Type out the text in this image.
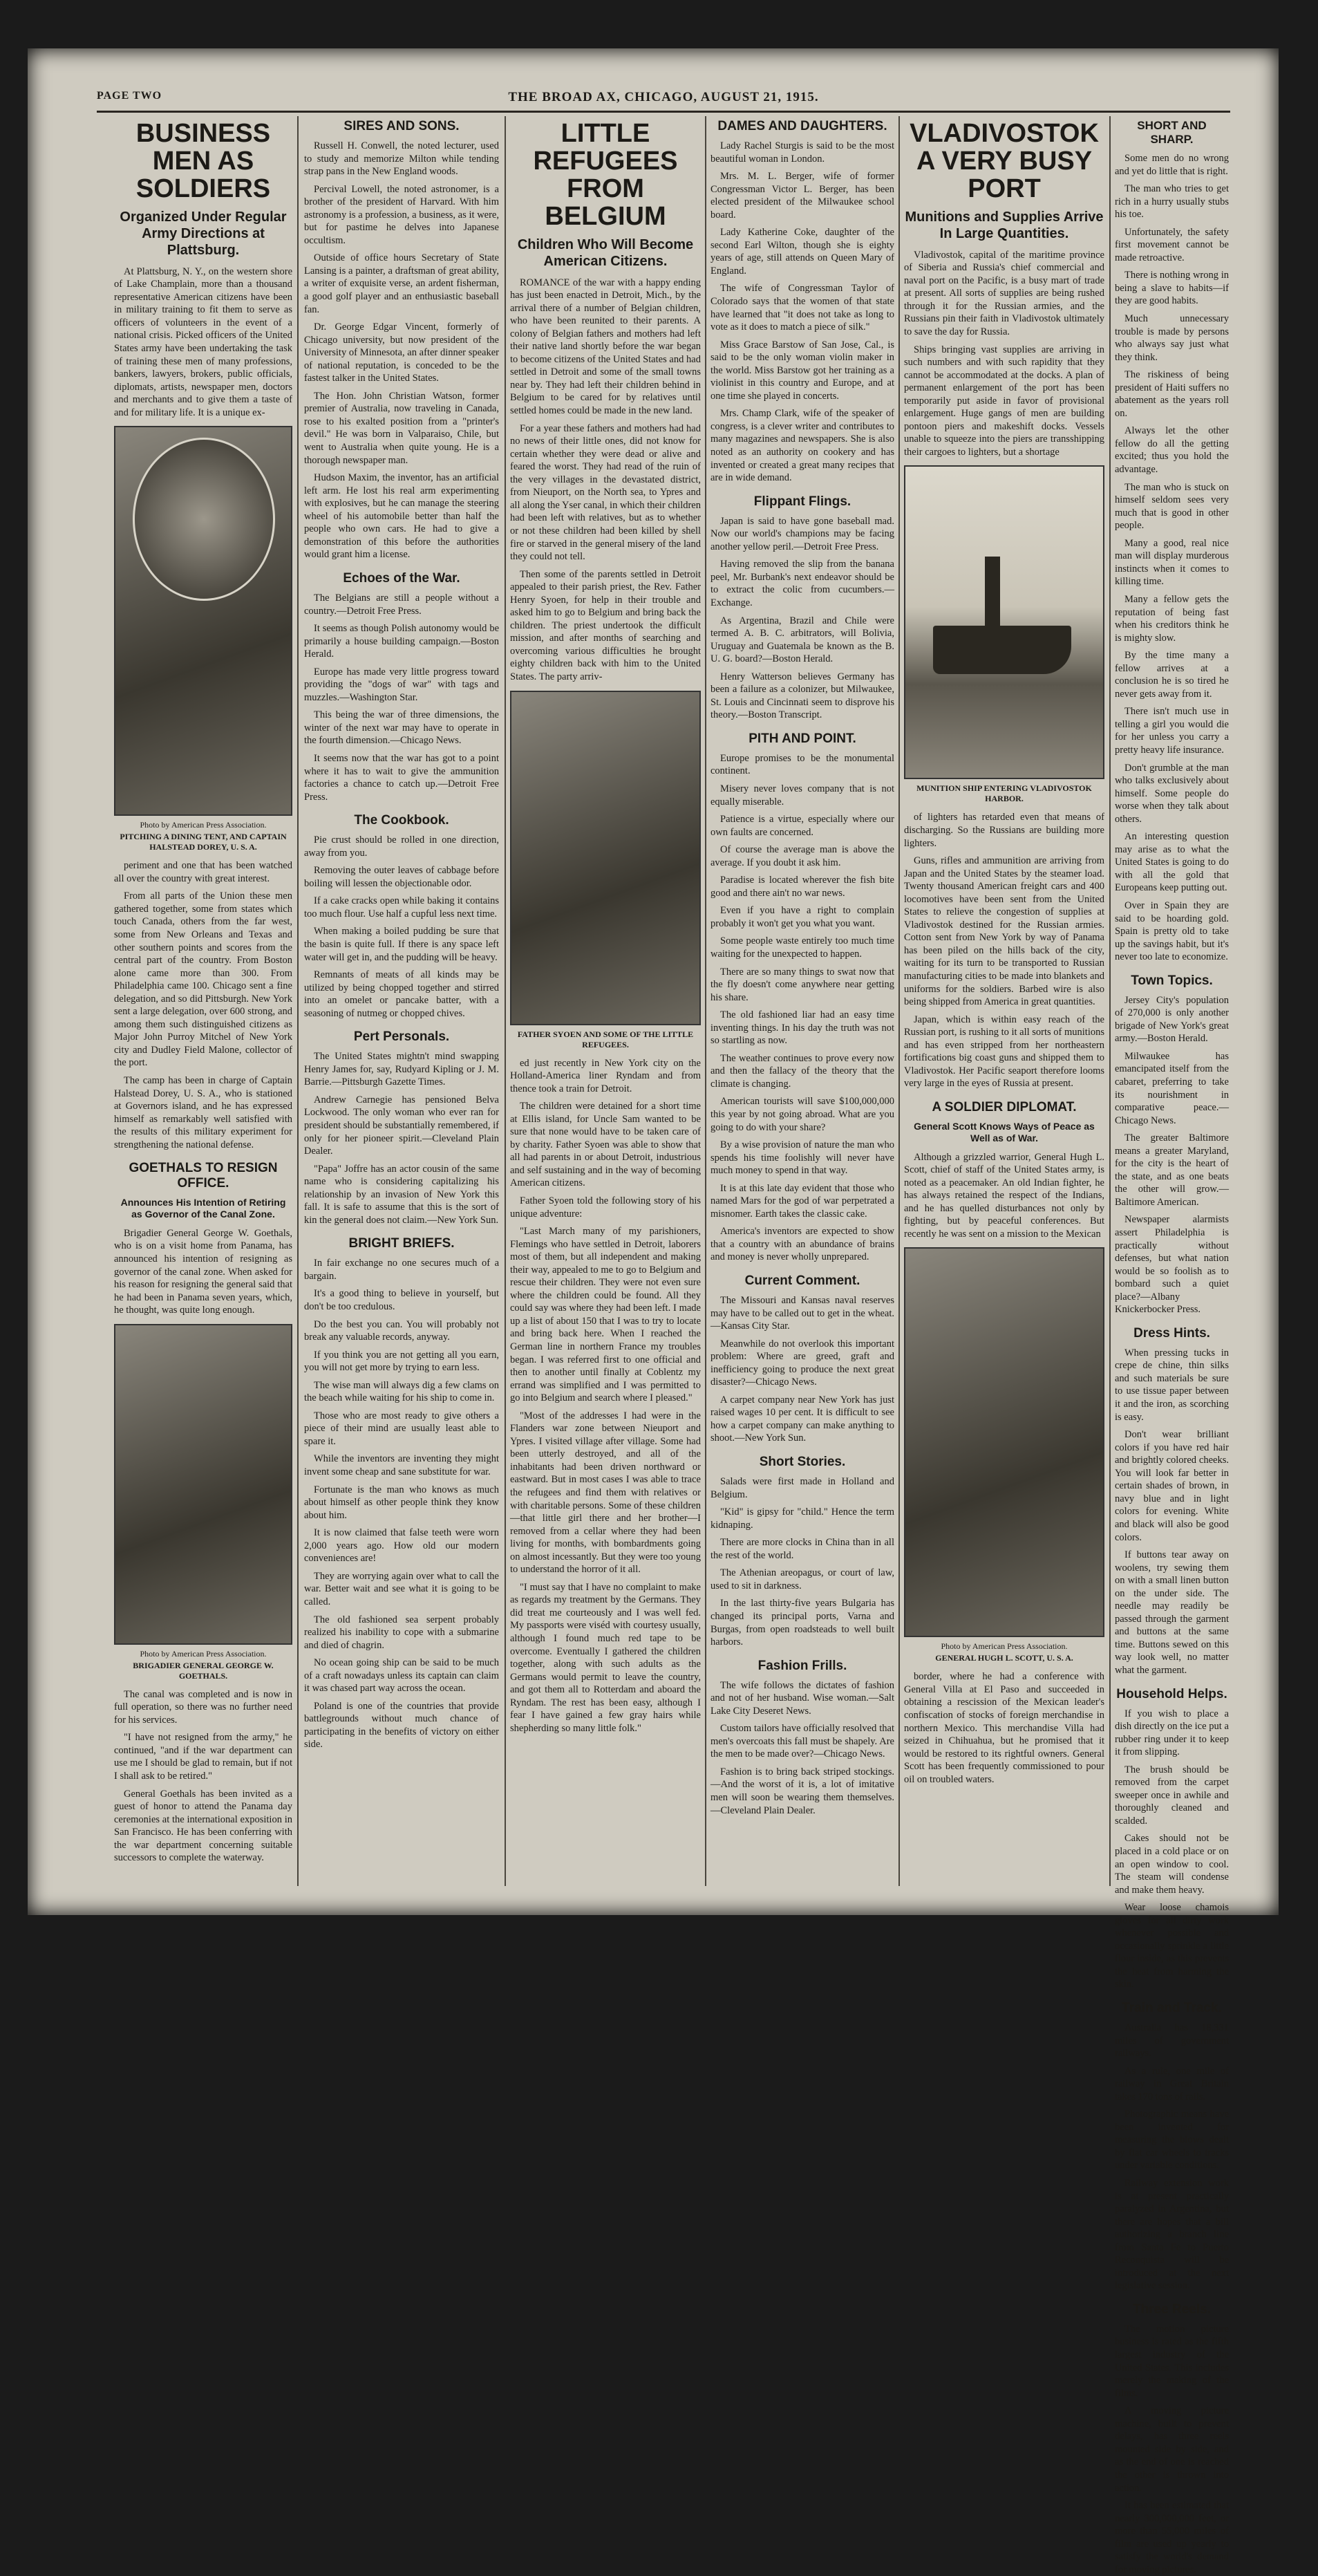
PAGE TWO	THE BROAD AX, CHICAGO, AUGUST 21, 1915.
BUSINESS MEN AS SOLDIERS
Organized Under Regular Army Directions at Plattsburg.

At Plattsburg, N. Y., on the western shore of Lake Champlain, more than a thousand representative American citizens have been in military training to fit them to serve as officers of volunteers in the event of a national crisis. Picked officers of the United States army have been undertaking the task of training these men of many professions, bankers, lawyers, brokers, public officials, diplomats, artists, newspaper men, doctors and merchants and to give them a taste of and for military life. It is a unique ex-

Photo by American Press Association.
PITCHING A DINING TENT, AND CAPTAIN HALSTEAD DOREY, U. S. A.

periment and one that has been watched all over the country with great interest.

From all parts of the Union these men gathered together, some from states which touch Canada, others from the far west, some from New Orleans and Texas and other southern points and scores from the central part of the country. From Boston alone came more than 300. From Philadelphia came 100. Chicago sent a fine delegation, and so did Pittsburgh. New York sent a large delegation, over 600 strong, and among them such distinguished citizens as Major John Purroy Mitchel of New York city and Dudley Field Malone, collector of the port.

The camp has been in charge of Captain Halstead Dorey, U. S. A., who is stationed at Governors island, and he has expressed himself as remarkably well satisfied with the results of this military experiment for strengthening the national defense.

GOETHALS TO RESIGN OFFICE.
Announces His Intention of Retiring as Governor of the Canal Zone.

Brigadier General George W. Goethals, who is on a visit home from Panama, has announced his intention of resigning as governor of the canal zone. When asked for his reason for resigning the general said that he had been in Panama seven years, which, he thought, was quite long enough.

Photo by American Press Association.
BRIGADIER GENERAL GEORGE W. GOETHALS.

The canal was completed and is now in full operation, so there was no further need for his services.

"I have not resigned from the army," he continued, "and if the war department can use me I should be glad to remain, but if not I shall ask to be retired."

General Goethals has been invited as a guest of honor to attend the Panama day ceremonies at the international exposition in San Francisco. He has been conferring with the war department concerning suitable successors to complete the waterway.

SIRES AND SONS.

Russell H. Conwell, the noted lecturer, used to study and memorize Milton while tending strap pans in the New England woods.

Percival Lowell, the noted astronomer, is a brother of the president of Harvard. With him astronomy is a profession, a business, as it were, but for pastime he delves into Japanese occultism.

Outside of office hours Secretary of State Lansing is a painter, a draftsman of great ability, a writer of exquisite verse, an ardent fisherman, a good golf player and an enthusiastic baseball fan.

Dr. George Edgar Vincent, formerly of Chicago university, but now president of the University of Minnesota, an after dinner speaker of national reputation, is conceded to be the fastest talker in the United States.

The Hon. John Christian Watson, former premier of Australia, now traveling in Canada, rose to his exalted position from a "printer's devil." He was born in Valparaiso, Chile, but went to Australia when quite young. He is a thorough newspaper man.

Hudson Maxim, the inventor, has an artificial left arm. He lost his real arm experimenting with explosives, but he can manage the steering wheel of his automobile better than half the people who own cars. He had to give a demonstration of this before the authorities would grant him a license.

Echoes of the War.

The Belgians are still a people without a country.—Detroit Free Press.

It seems as though Polish autonomy would be primarily a house building campaign.—Boston Herald.

Europe has made very little progress toward providing the "dogs of war" with tags and muzzles.—Washington Star.

This being the war of three dimensions, the winter of the next war may have to operate in the fourth dimension.—Chicago News.

It seems now that the war has got to a point where it has to wait to give the ammunition factories a chance to catch up.—Detroit Free Press.

The Cookbook.

Pie crust should be rolled in one direction, away from you.

Removing the outer leaves of cabbage before boiling will lessen the objectionable odor.

If a cake cracks open while baking it contains too much flour. Use half a cupful less next time.

When making a boiled pudding be sure that the basin is quite full. If there is any space left water will get in, and the pudding will be heavy.

Remnants of meats of all kinds may be utilized by being chopped together and stirred into an omelet or pancake batter, with a seasoning of nutmeg or chopped chives.

Pert Personals.

The United States mightn't mind swapping Henry James for, say, Rudyard Kipling or J. M. Barrie.—Pittsburgh Gazette Times.

Andrew Carnegie has pensioned Belva Lockwood. The only woman who ever ran for president should be substantially remembered, if only for her pioneer spirit.—Cleveland Plain Dealer.

"Papa" Joffre has an actor cousin of the same name who is considering capitalizing his relationship by an invasion of New York this fall. It is safe to assume that this is the sort of kin the general does not claim.—New York Sun.

BRIGHT BRIEFS.

In fair exchange no one secures much of a bargain.

It's a good thing to believe in yourself, but don't be too credulous.

Do the best you can. You will probably not break any valuable records, anyway.

If you think you are not getting all you earn, you will not get more by trying to earn less.

The wise man will always dig a few clams on the beach while waiting for his ship to come in.

Those who are most ready to give others a piece of their mind are usually least able to spare it.

While the inventors are inventing they might invent some cheap and sane substitute for war.

Fortunate is the man who knows as much about himself as other people think they know about him.

It is now claimed that false teeth were worn 2,000 years ago. How old our modern conveniences are!

They are worrying again over what to call the war. Better wait and see what it is going to be called.

The old fashioned sea serpent probably realized his inability to cope with a submarine and died of chagrin.

No ocean going ship can be said to be much of a craft nowadays unless its captain can claim it was chased part way across the ocean.

Poland is one of the countries that provide battlegrounds without much chance of participating in the benefits of victory on either side.

LITTLE REFUGEES FROM BELGIUM
Children Who Will Become American Citizens.

ROMANCE of the war with a happy ending has just been enacted in Detroit, Mich., by the arrival there of a number of Belgian children, who have been reunited to their parents. A colony of Belgian fathers and mothers had left their native land shortly before the war began to become citizens of the United States and had settled in Detroit and some of the small towns near by. They had left their children behind in Belgium to be cared for by relatives until settled homes could be made in the new land.

For a year these fathers and mothers had had no news of their little ones, did not know for certain whether they were dead or alive and feared the worst. They had read of the ruin of the very villages in the devastated district, from Nieuport, on the North sea, to Ypres and all along the Yser canal, in which their children had been left with relatives, but as to whether or not these children had been killed by shell fire or starved in the general misery of the land they could not tell.

Then some of the parents settled in Detroit appealed to their parish priest, the Rev. Father Henry Syoen, for help in their trouble and asked him to go to Belgium and bring back the children. The priest undertook the difficult mission, and after months of searching and overcoming various difficulties he brought eighty children back with him to the United States. The party arriv-

FATHER SYOEN AND SOME OF THE LITTLE REFUGEES.

ed just recently in New York city on the Holland-America liner Ryndam and from thence took a train for Detroit.

The children were detained for a short time at Ellis island, for Uncle Sam wanted to be sure that none would have to be taken care of by charity. Father Syoen was able to show that all had parents in or about Detroit, industrious and self sustaining and in the way of becoming American citizens.

Father Syoen told the following story of his unique adventure:

"Last March many of my parishioners, Flemings who have settled in Detroit, laborers most of them, but all independent and making their way, appealed to me to go to Belgium and rescue their children. They were not even sure where the children could be found. All they could say was where they had been left. I made up a list of about 150 that I was to try to locate and bring back here. When I reached the German line in northern France my troubles began. I was referred first to one official and then to another until finally at Coblentz my errand was simplified and I was permitted to go into Belgium and search where I pleased."

"Most of the addresses I had were in the Flanders war zone between Nieuport and Ypres. I visited village after village. Some had been utterly destroyed, and all of the inhabitants had been driven northward or eastward. But in most cases I was able to trace the refugees and find them with relatives or with charitable persons. Some of these children—that little girl there and her brother—I removed from a cellar where they had been living for months, with bombardments going on almost incessantly. But they were too young to understand the horror of it all.

"I must say that I have no complaint to make as regards my treatment by the Germans. They did treat me courteously and I was well fed. My passports were viséd with courtesy usually, although I found much red tape to be overcome. Eventually I gathered the children together, along with such adults as the Germans would permit to leave the country, and got them all to Rotterdam and aboard the Ryndam. The rest has been easy, although I fear I have gained a few gray hairs while shepherding so many little folk."

DAMES AND DAUGHTERS.

Lady Rachel Sturgis is said to be the most beautiful woman in London.

Mrs. M. L. Berger, wife of former Congressman Victor L. Berger, has been elected president of the Milwaukee school board.

Lady Katherine Coke, daughter of the second Earl Wilton, though she is eighty years of age, still attends on Queen Mary of England.

The wife of Congressman Taylor of Colorado says that the women of that state have learned that "it does not take as long to vote as it does to match a piece of silk."

Miss Grace Barstow of San Jose, Cal., is said to be the only woman violin maker in the world. Miss Barstow got her training as a violinist in this country and Europe, and at one time she played in concerts.

Mrs. Champ Clark, wife of the speaker of congress, is a clever writer and contributes to many magazines and newspapers. She is also noted as an authority on cookery and has invented or created a great many recipes that are in wide demand.

Flippant Flings.

Japan is said to have gone baseball mad. Now our world's champions may be facing another yellow peril.—Detroit Free Press.

Having removed the slip from the banana peel, Mr. Burbank's next endeavor should be to extract the colic from cucumbers.—Exchange.

As Argentina, Brazil and Chile were termed A. B. C. arbitrators, will Bolivia, Uruguay and Guatemala be known as the B. U. G. board?—Boston Herald.

Henry Watterson believes Germany has been a failure as a colonizer, but Milwaukee, St. Louis and Cincinnati seem to disprove his theory.—Boston Transcript.

PITH AND POINT.

Europe promises to be the monumental continent.

Misery never loves company that is not equally miserable.

Patience is a virtue, especially where our own faults are concerned.

Of course the average man is above the average. If you doubt it ask him.

Paradise is located wherever the fish bite good and there ain't no war news.

Even if you have a right to complain probably it won't get you what you want.

Some people waste entirely too much time waiting for the unexpected to happen.

There are so many things to swat now that the fly doesn't come anywhere near getting his share.

The old fashioned liar had an easy time inventing things. In his day the truth was not so startling as now.

The weather continues to prove every now and then the fallacy of the theory that the climate is changing.

American tourists will save $100,000,000 this year by not going abroad. What are you going to do with your share?

By a wise provision of nature the man who spends his time foolishly will never have much money to spend in that way.

It is at this late day evident that those who named Mars for the god of war perpetrated a misnomer. Earth takes the classic cake.

America's inventors are expected to show that a country with an abundance of brains and money is never wholly unprepared.

Current Comment.

The Missouri and Kansas naval reserves may have to be called out to get in the wheat.—Kansas City Star.

Meanwhile do not overlook this important problem: Where are greed, graft and inefficiency going to produce the next great disaster?—Chicago News.

A carpet company near New York has just raised wages 10 per cent. It is difficult to see how a carpet company can make anything to shoot.—New York Sun.

Short Stories.

Salads were first made in Holland and Belgium.

"Kid" is gipsy for "child." Hence the term kidnaping.

There are more clocks in China than in all the rest of the world.

The Athenian areopagus, or court of law, used to sit in darkness.

In the last thirty-five years Bulgaria has changed its principal ports, Varna and Burgas, from open roadsteads to well built harbors.

Fashion Frills.

The wife follows the dictates of fashion and not of her husband. Wise woman.—Salt Lake City Deseret News.

Custom tailors have officially resolved that men's overcoats this fall must be shapely. Are the men to be made over?—Chicago News.

Fashion is to bring back striped stockings.—And the worst of it is, a lot of imitative men will soon be wearing them themselves.—Cleveland Plain Dealer.

VLADIVOSTOK A VERY BUSY PORT
Munitions and Supplies Arrive In Large Quantities.

Vladivostok, capital of the maritime province of Siberia and Russia's chief commercial and naval port on the Pacific, is a busy mart of trade at present. All sorts of supplies are being rushed through it for the Russian armies, and the Russians pin their faith in Vladivostok ultimately to save the day for Russia.

Ships bringing vast supplies are arriving in such numbers and with such rapidity that they cannot be accommodated at the docks. A plan of permanent enlargement of the port has been temporarily put aside in favor of provisional enlargement. Huge gangs of men are building pontoon piers and makeshift docks. Vessels unable to squeeze into the piers are transshipping their cargoes to lighters, but a shortage

MUNITION SHIP ENTERING VLADIVOSTOK HARBOR.

of lighters has retarded even that means of discharging. So the Russians are building more lighters.

Guns, rifles and ammunition are arriving from Japan and the United States by the steamer load. Twenty thousand American freight cars and 400 locomotives have been sent from the United States to relieve the congestion of supplies at Vladivostok destined for the Russian armies. Cotton sent from New York by way of Panama has been piled on the hills back of the city, waiting for its turn to be transported to Russian manufacturing cities to be made into blankets and uniforms for the soldiers. Barbed wire is also being shipped from America in great quantities.

Japan, which is within easy reach of the Russian port, is rushing to it all sorts of munitions and has even stripped from her northeastern fortifications big coast guns and shipped them to Vladivostok. Her Pacific seaport therefore looms very large in the eyes of Russia at present.

A SOLDIER DIPLOMAT.
General Scott Knows Ways of Peace as Well as of War.

Although a grizzled warrior, General Hugh L. Scott, chief of staff of the United States army, is noted as a peacemaker. An old Indian fighter, he has always retained the respect of the Indians, and he has quelled disturbances not only by fighting, but by peaceful conferences. But recently he was sent on a mission to the Mexican

Photo by American Press Association.
GENERAL HUGH L. SCOTT, U. S. A.

border, where he had a conference with General Villa at El Paso and succeeded in obtaining a rescission of the Mexican leader's confiscation of stocks of foreign merchandise in northern Mexico. This merchandise Villa had seized in Chihuahua, but he promised that it would be restored to its rightful owners. General Scott has been frequently commissioned to pour oil on troubled waters.

SHORT AND SHARP.

Some men do no wrong and yet do little that is right.

The man who tries to get rich in a hurry usually stubs his toe.

Unfortunately, the safety first movement cannot be made retroactive.

There is nothing wrong in being a slave to habits—if they are good habits.

Much unnecessary trouble is made by persons who always say just what they think.

The riskiness of being president of Haiti suffers no abatement as the years roll on.

Always let the other fellow do all the getting excited; thus you hold the advantage.

The man who is stuck on himself seldom sees very much that is good in other people.

Many a good, real nice man will display murderous instincts when it comes to killing time.

Many a fellow gets the reputation of being fast when his creditors think he is mighty slow.

By the time many a fellow arrives at a conclusion he is so tired he never gets away from it.

There isn't much use in telling a girl you would die for her unless you carry a pretty heavy life insurance.

Don't grumble at the man who talks exclusively about himself. Some people do worse when they talk about others.

An interesting question may arise as to what the United States is going to do with all the gold that Europeans keep putting out.

Over in Spain they are said to be hoarding gold. Spain is pretty old to take up the savings habit, but it's never too late to economize.

Town Topics.

Jersey City's population of 270,000 is only another brigade of New York's great army.—Boston Herald.

Milwaukee has emancipated itself from the cabaret, preferring to take its nourishment in comparative peace.—Chicago News.

The greater Baltimore means a greater Maryland, for the city is the heart of the state, and as one beats the other will grow.—Baltimore American.

Newspaper alarmists assert Philadelphia is practically without defenses, but what nation would be so foolish as to bombard such a quiet place?—Albany Knickerbocker Press.

Dress Hints.

When pressing tucks in crepe de chine, thin silks and such materials be sure to use tissue paper between it and the iron, as scorching is easy.

Don't wear brilliant colors if you have red hair and brightly colored cheeks. You will look far better in certain shades of brown, in navy blue and in light colors for evening. White and black will also be good colors.

If buttons tear away on woolens, try sewing them on with a small linen button on the under side. The needle may readily be passed through the garment and buttons at the same time. Buttons sewed on this way look well, no matter what the garment.

Household Helps.

If you wish to place a dish directly on the ice put a rubber ring under it to keep it from slipping.

The brush should be removed from the carpet sweeper once in awhile and thoroughly cleaned and scalded.

Cakes should not be placed in a cold place or on an open window to cool. The steam will condense and make them heavy.

Wear loose chamois gloves for all dirty work whenever possible and occasionally sprinkle a little flour inside, as this prevents the heat from harming the skin.

Train and Track.

Australia has 18,331 miles of government railways.

As a rule, one mile of railway in Great Britain takes 170 tons of rails.

Photographic means have been invented for measuring the blows dealt by flat car wheels to tracks under variable conditions.

Railway extension work is at present practically paralyzed in Argentina, but there are hopes that a bill authorizing a branch line from Santa Fe to Puerto Reconquista will be introduced at the next legislative session.

Three Reels.

The motion picture business is rated as the fifth largest industry of the United States. This includes merely the making of the films.

A moving picture machine, built to prevent delays, has three reels mounted side by side, and as the end of one is reached the other is thrown into action.

It has been estimated that nearly 300,000,000 feet, or more than 55,000 miles of film are used up yearly to satisfy the world's demand for moving pictures.
